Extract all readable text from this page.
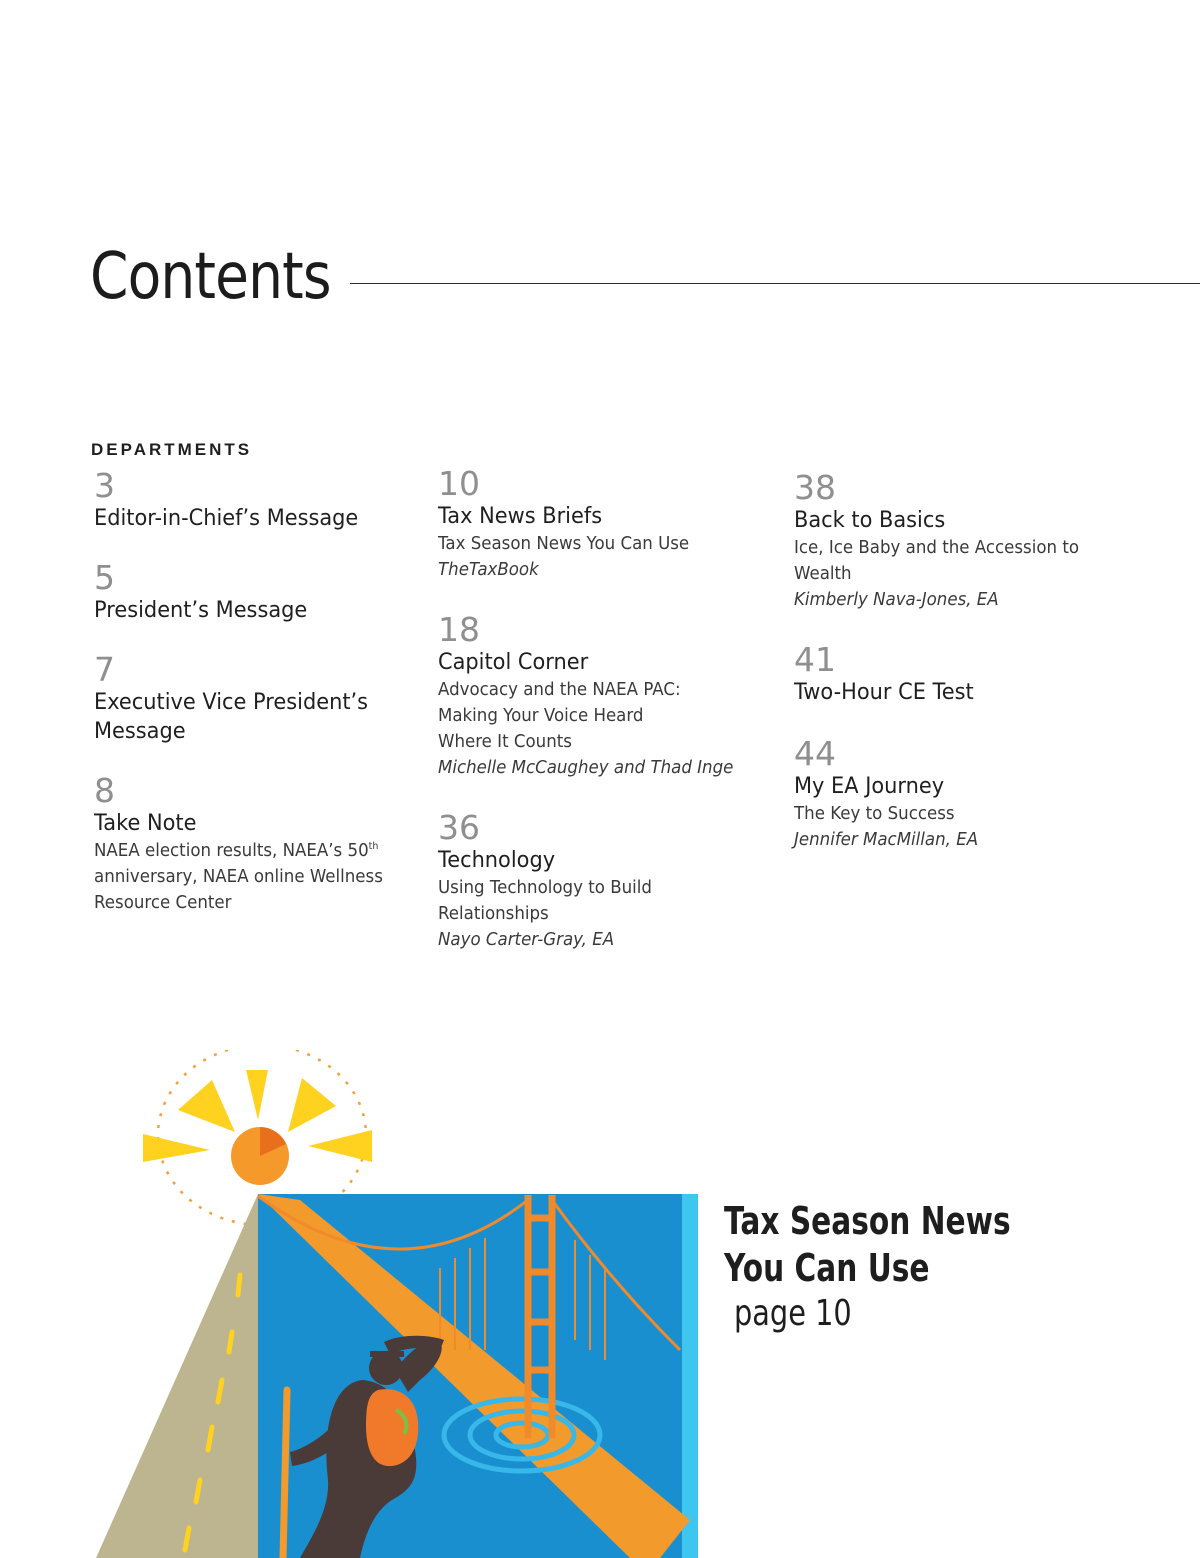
Contents
DEPARTMENTS
3
Editor-in-Chief’s Message
5
President’s Message
7
Executive Vice President’s Message
8
Take Note
NAEA election results, NAEA’s 50th anniversary, NAEA online Wellness Resource Center
10
Tax News Briefs
Tax Season News You Can Use
TheTaxBook
18
Capitol Corner
Advocacy and the NAEA PAC: Making Your Voice Heard Where It Counts
Michelle McCaughey and Thad Inge
36
Technology
Using Technology to Build Relationships
Nayo Carter-Gray, EA
38
Back to Basics
Ice, Ice Baby and the Accession to Wealth
Kimberly Nava-Jones, EA
41
Two-Hour CE Test
44
My EA Journey
The Key to Success
Jennifer MacMillan, EA
Tax Season News
You Can Use
page 10
